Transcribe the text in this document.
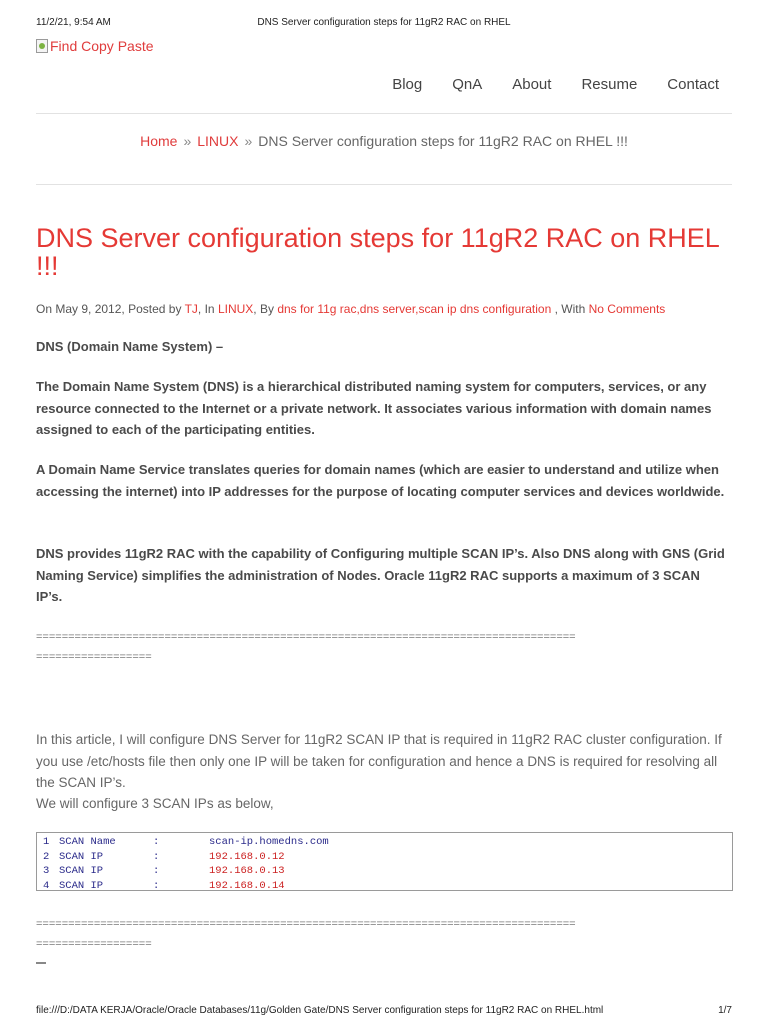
11/2/21, 9:54 AM	DNS Server configuration steps for 11gR2 RAC on RHEL
Find Copy Paste
Blog QnA About Resume Contact
Home » LINUX » DNS Server configuration steps for 11gR2 RAC on RHEL !!!
DNS Server configuration steps for 11gR2 RAC on RHEL !!!
On May 9, 2012, Posted by TJ, In LINUX, By dns for 11g rac,dns server,scan ip dns configuration , With No Comments
DNS (Domain Name System) –
The Domain Name System (DNS) is a hierarchical distributed naming system for computers, services, or any resource connected to the Internet or a private network. It associates various information with domain names assigned to each of the participating entities.
A Domain Name Service translates queries for domain names (which are easier to understand and utilize when accessing the internet) into IP addresses for the purpose of locating computer services and devices worldwide.
DNS provides 11gR2 RAC with the capability of Configuring multiple SCAN IP’s. Also DNS along with GNS (Grid Naming Service) simplifies the administration of Nodes. Oracle 11gR2 RAC supports a maximum of 3 SCAN IP’s.
====================================================================================
==================
In this article, I will configure DNS Server for 11gR2 SCAN IP that is required in 11gR2 RAC cluster configuration. If you use /etc/hosts file then only one IP will be taken for configuration and hence a DNS is required for resolving all the SCAN IP’s.
We will configure 3 SCAN IPs as below,
1 SCAN Name	:	scan-ip.homedns.com
2 SCAN IP	:	192.168.0.12
3 SCAN IP	:	192.168.0.13
4 SCAN IP	:	192.168.0.14
====================================================================================
==================
file:///D:/DATA KERJA/Oracle/Oracle Databases/11g/Golden Gate/DNS Server configuration steps for 11gR2 RAC on RHEL.html	1/7
